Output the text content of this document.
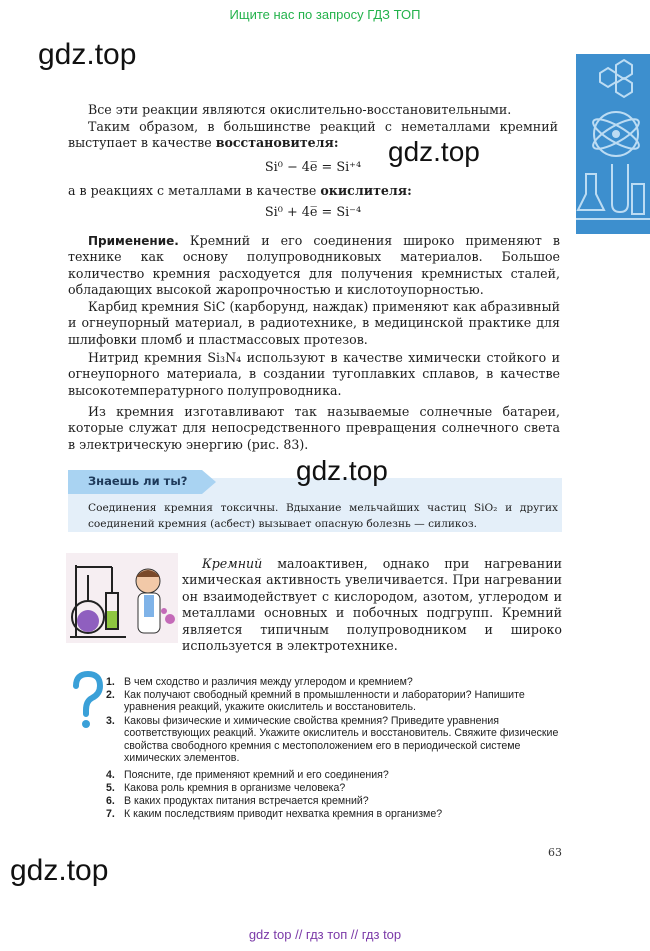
Ищите нас по запросу ГДЗ ТОП
gdz.top
Все эти реакции являются окислительно-восстановительными.
Таким образом, в большинстве реакций с неметаллами кремний выступает в качестве восстановителя:	gdz.top
Si⁰ − 4e̅ = Si⁺⁴
а в реакциях с металлами в качестве окислителя:
Si⁰ + 4e̅ = Si⁻⁴
Применение. Кремний и его соединения широко применяют в технике как основу полупроводниковых материалов. Большое количество кремния расходуется для получения кремнистых сталей, обладающих высокой жаропрочностью и кислотоупорностью.
Карбид кремния SiC (карборунд, наждак) применяют как абразивный и огнеупорный материал, в радиотехнике, в медицинской практике для шлифовки пломб и пластмассовых протезов.
Нитрид кремния Si₃N₄ используют в качестве химически стойкого и огнеупорного материала, в создании тугоплавких сплавов, в качестве высокотемпературного полупроводника.
Из кремния изготавливают так называемые солнечные батареи, которые служат для непосредственного превращения солнечного света в электрическую энергию (рис. 83).
Знаешь ли ты?	gdz.top
Соединения кремния токсичны. Вдыхание мельчайших частиц SiO₂ и других соединений кремния (асбест) вызывает опасную болезнь — силикоз.
Кремний малоактивен, однако при нагревании химическая активность увеличивается. При нагревании он взаимодействует с кислородом, азотом, углеродом и металлами основных и побочных подгрупп. Кремний является типичным полупроводником и широко используется в электротехнике.
1. В чем сходство и различия между углеродом и кремнием?
2. Как получают свободный кремний в промышленности и лаборатории? Напишите уравнения реакций, укажите окислитель и восстановитель.
3. Каковы физические и химические свойства кремния? Приведите уравнения соответствующих реакций. Укажите окислитель и восстановитель. Свяжите физические свойства свободного кремния с местоположением его в периодической системе химических элементов.
4. Поясните, где применяют кремний и его соединения?
5. Какова роль кремния в организме человека?
6. В каких продуктах питания встречается кремний?
7. К каким последствиям приводит нехватка кремния в организме?
63
gdz.top
gdz top // гдз топ // гдз top
